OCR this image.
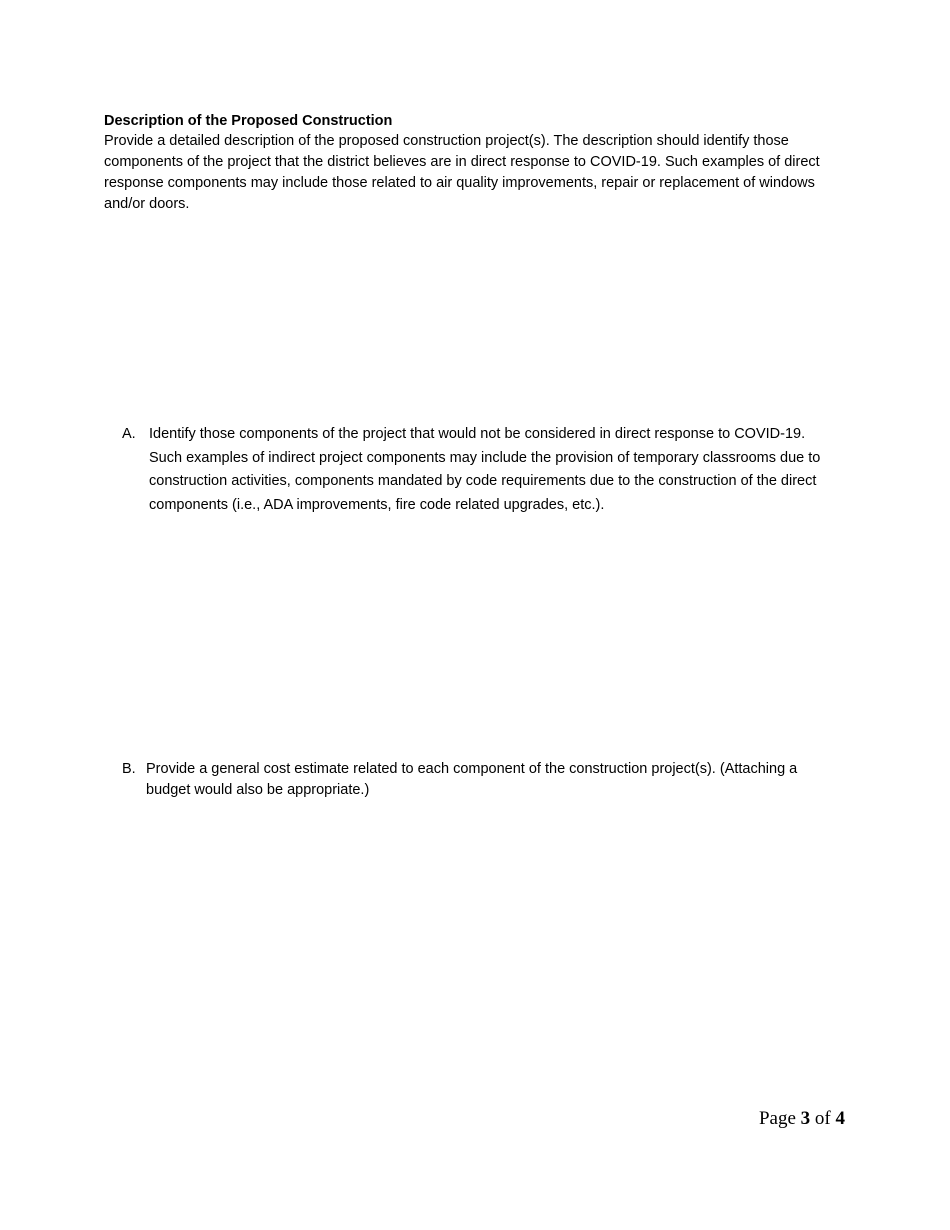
Description of the Proposed Construction

Provide a detailed description of the proposed construction project(s). The description should identify those components of the project that the district believes are in direct response to COVID-19. Such examples of direct response components may include those related to air quality improvements, repair or replacement of windows and/or doors.

A. Identify those components of the project that would not be considered in direct response to COVID-19. Such examples of indirect project components may include the provision of temporary classrooms due to construction activities, components mandated by code requirements due to the construction of the direct components (i.e., ADA improvements, fire code related upgrades, etc.).
B. Provide a general cost estimate related to each component of the construction project(s). (Attaching a budget would also be appropriate.)
Page 3 of 4
